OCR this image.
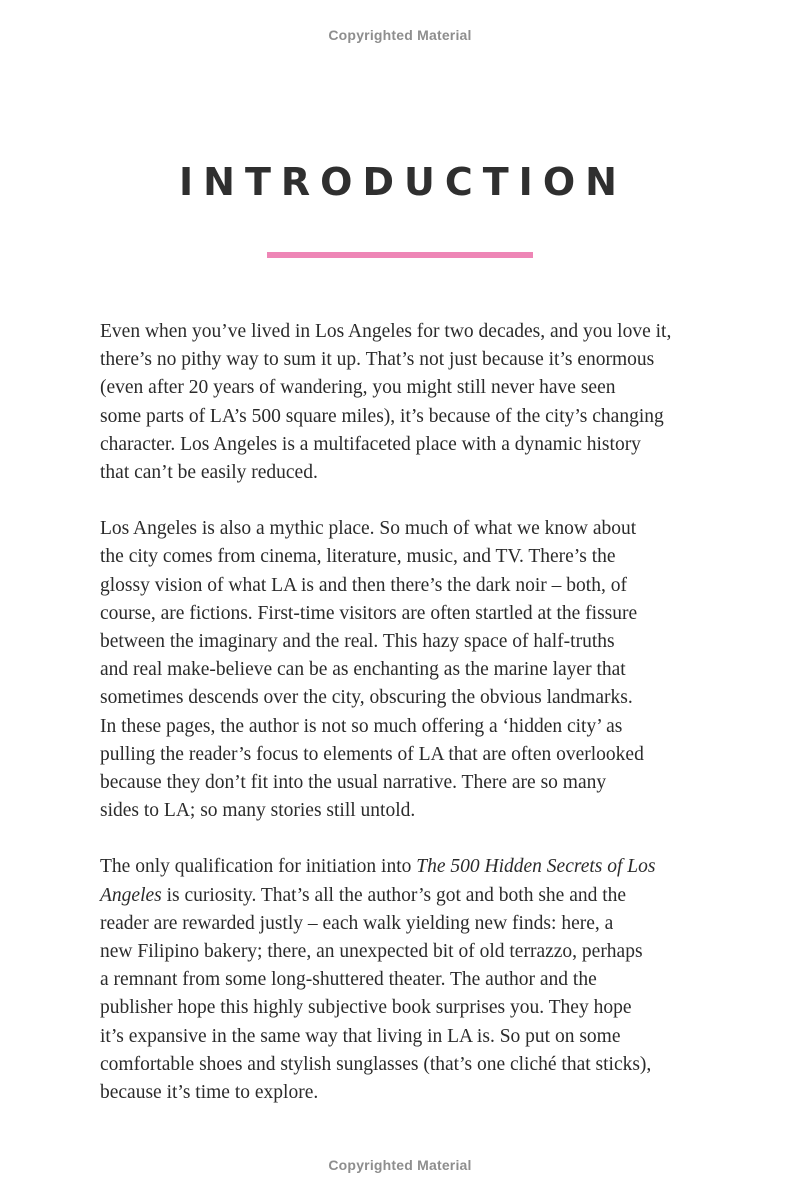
Copyrighted Material
INTRODUCTION

Even when you’ve lived in Los Angeles for two decades, and you love it,
there’s no pithy way to sum it up. That’s not just because it’s enormous
(even after 20 years of wandering, you might still never have seen
some parts of LA’s 500 square miles), it’s because of the city’s changing
character. Los Angeles is a multifaceted place with a dynamic history
that can’t be easily reduced.

Los Angeles is also a mythic place. So much of what we know about
the city comes from cinema, literature, music, and TV. There’s the
glossy vision of what LA is and then there’s the dark noir – both, of
course, are fictions. First-time visitors are often startled at the fissure
between the imaginary and the real. This hazy space of half-truths
and real make-believe can be as enchanting as the marine layer that
sometimes descends over the city, obscuring the obvious landmarks.
In these pages, the author is not so much offering a ‘hidden city’ as
pulling the reader’s focus to elements of LA that are often overlooked
because they don’t fit into the usual narrative. There are so many
sides to LA; so many stories still untold.

The only qualification for initiation into The 500 Hidden Secrets of Los
Angeles is curiosity. That’s all the author’s got and both she and the
reader are rewarded justly – each walk yielding new finds: here, a
new Filipino bakery; there, an unexpected bit of old terrazzo, perhaps
a remnant from some long-shuttered theater. The author and the
publisher hope this highly subjective book surprises you. They hope
it’s expansive in the same way that living in LA is. So put on some
comfortable shoes and stylish sunglasses (that’s one cliché that sticks),
because it’s time to explore.

Copyrighted Material
